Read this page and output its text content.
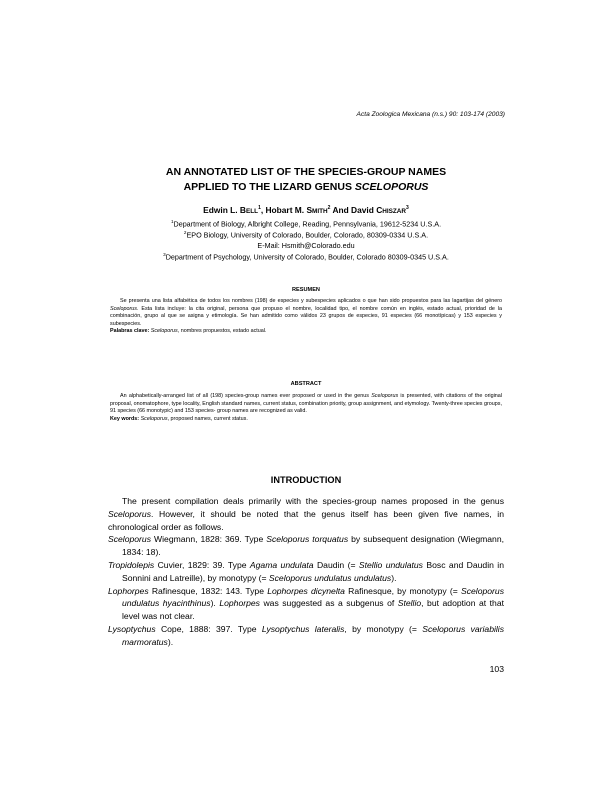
Acta Zoologica Mexicana (n.s.) 90: 103-174 (2003)
AN ANNOTATED LIST OF THE SPECIES-GROUP NAMES
APPLIED TO THE LIZARD GENUS SCELOPORUS
Edwin L. BELL$^1$, Hobart M. SMITH$^2$ And David CHISZAR$^3$
$^1$Department of Biology, Albright College, Reading, Pennsylvania, 19612-5234 U.S.A.
$^2$EPO Biology, University of Colorado, Boulder, Colorado, 80309-0334 U.S.A.
E-Mail: Hsmith@Colorado.edu
$^3$Department of Psychology, University of Colorado, Boulder, Colorado 80309-0345 U.S.A.
RESUMEN
Se presenta una lista alfabética de todos los nombres (198) de especies y subespecies aplicados o que han sido propuestos para las lagartijas del género Sceloporus. Esta lista incluye: la cita original, persona que propuso el nombre, localidad tipo, el nombre común en inglés, estado actual, prioridad de la combinación, grupo al que se asigna y etimología. Se han admitido como válidos 23 grupos de especies, 91 especies (66 monotípicas) y 153 especies y subespecies.
Palabras clave: Sceloporus, nombres propuestos, estado actual.
ABSTRACT
An alphabetically-arranged list of all (198) species-group names ever proposed or used in the genus Sceloporus is presented, with citations of the original proposal, onomatophore, type locality, English standard names, current status, combination priority, group assignment, and etymology. Twenty-three species groups, 91 species (66 monotypic) and 153 species- group names are recognized as valid.
Key words: Sceloporus, proposed names, current status.
INTRODUCTION

The present compilation deals primarily with the species-group names proposed in the genus Sceloporus. However, it should be noted that the genus itself has been given five names, in chronological order as follows.

Sceloporus Wiegmann, 1828: 369. Type Sceloporus torquatus by subsequent designation (Wiegmann, 1834: 18).

Tropidolepis Cuvier, 1829: 39. Type Agama undulata Daudin (= Stellio undulatus Bosc and Daudin in Sonnini and Latreille), by monotypy (= Sceloporus undulatus undulatus).

Lophorpes Rafinesque, 1832: 143. Type Lophorpes dicynelta Rafinesque, by monotypy (= Sceloporus undulatus hyacinthinus). Lophorpes was suggested as a subgenus of Stellio, but adoption at that level was not clear.

Lysoptychus Cope, 1888: 397. Type Lysoptychus lateralis, by monotypy (= Sceloporus variabilis marmoratus).

103
